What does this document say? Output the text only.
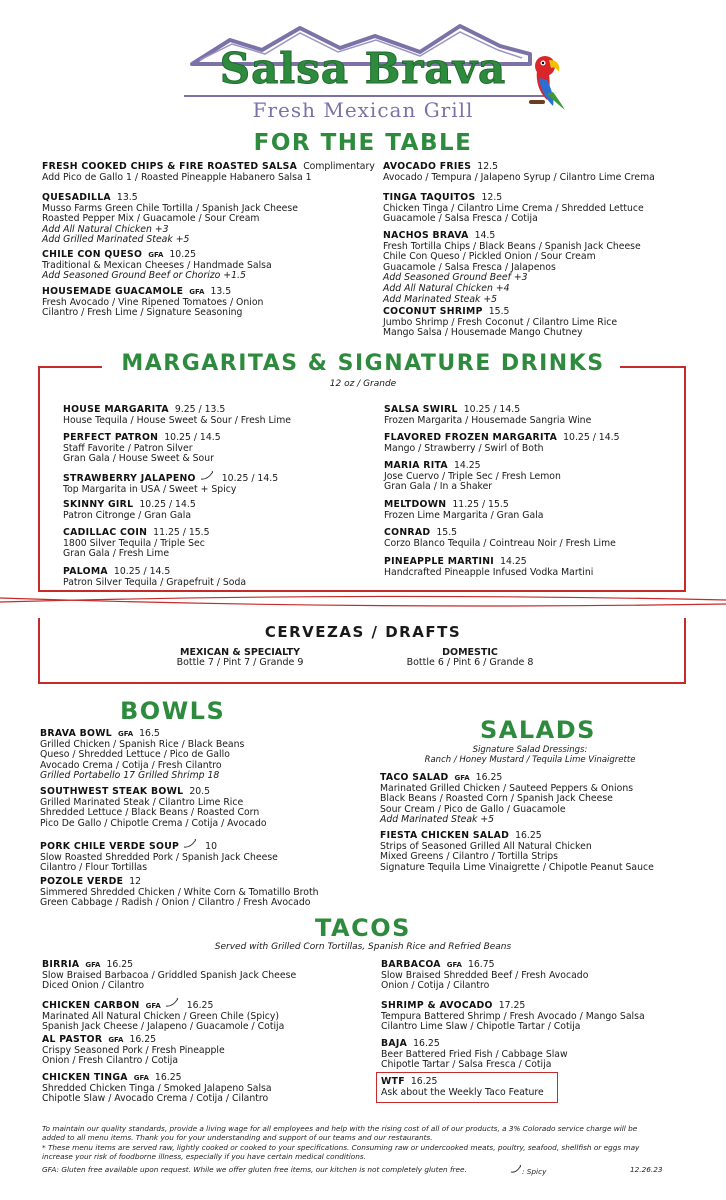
Salsa Brava
Fresh Mexican Grill
FOR THE TABLE
FRESH COOKED CHIPS & FIRE ROASTED SALSA Complimentary
Add Pico de Gallo 1 / Roasted Pineapple Habanero Salsa 1
QUESADILLA 13.5
Musso Farms Green Chile Tortilla / Spanish Jack Cheese
Roasted Pepper Mix / Guacamole / Sour Cream
Add All Natural Chicken +3
Add Grilled Marinated Steak +5
CHILE CON QUESO GFA 10.25
Traditional & Mexican Cheeses / Handmade Salsa
Add Seasoned Ground Beef or Chorizo +1.5
HOUSEMADE GUACAMOLE GFA 13.5
Fresh Avocado / Vine Ripened Tomatoes / Onion
Cilantro / Fresh Lime / Signature Seasoning
AVOCADO FRIES 12.5
Avocado / Tempura / Jalapeno Syrup / Cilantro Lime Crema
TINGA TAQUITOS 12.5
Chicken Tinga / Cilantro Lime Crema / Shredded Lettuce
Guacamole / Salsa Fresca / Cotija
NACHOS BRAVA 14.5
Fresh Tortilla Chips / Black Beans / Spanish Jack Cheese
Chile Con Queso / Pickled Onion / Sour Cream
Guacamole / Salsa Fresca / Jalapenos
Add Seasoned Ground Beef +3
Add All Natural Chicken +4
Add Marinated Steak +5
COCONUT SHRIMP 15.5
Jumbo Shrimp / Fresh Coconut / Cilantro Lime Rice
Mango Salsa / Housemade Mango Chutney
MARGARITAS & SIGNATURE DRINKS
12 oz / Grande
HOUSE MARGARITA 9.25 / 13.5
House Tequila / House Sweet & Sour / Fresh Lime
PERFECT PATRON 10.25 / 14.5
Staff Favorite / Patron Silver
Gran Gala / House Sweet & Sour
STRAWBERRY JALAPENO	10.25 / 14.5
Top Margarita in USA / Sweet + Spicy
SKINNY GIRL 10.25 / 14.5
Patron Citronge / Gran Gala
CADILLAC COIN 11.25 / 15.5
1800 Silver Tequila / Triple Sec
Gran Gala / Fresh Lime
PALOMA 10.25 / 14.5
Patron Silver Tequila / Grapefruit / Soda
SALSA SWIRL 10.25 / 14.5
Frozen Margarita / Housemade Sangria Wine
FLAVORED FROZEN MARGARITA 10.25 / 14.5
Mango / Strawberry / Swirl of Both
MARIA RITA 14.25
Jose Cuervo / Triple Sec / Fresh Lemon
Gran Gala / In a Shaker
MELTDOWN 11.25 / 15.5
Frozen Lime Margarita / Gran Gala
CONRAD 15.5
Corzo Blanco Tequila / Cointreau Noir / Fresh Lime
PINEAPPLE MARTINI 14.25
Handcrafted Pineapple Infused Vodka Martini
CERVEZAS / DRAFTS
MEXICAN & SPECIALTY
Bottle 7 / Pint 7 / Grande 9
DOMESTIC
Bottle 6 / Pint 6 / Grande 8
BOWLS
BRAVA BOWL GFA 16.5
Grilled Chicken / Spanish Rice / Black Beans
Queso / Shredded Lettuce / Pico de Gallo
Avocado Crema / Cotija / Fresh Cilantro
Grilled Portabello 17 Grilled Shrimp 18
SOUTHWEST STEAK BOWL 20.5
Grilled Marinated Steak / Cilantro Lime Rice
Shredded Lettuce / Black Beans / Roasted Corn
Pico De Gallo / Chipotle Crema / Cotija / Avocado
PORK CHILE VERDE SOUP	10
Slow Roasted Shredded Pork / Spanish Jack Cheese
Cilantro / Flour Tortillas
POZOLE VERDE 12
Simmered Shredded Chicken / White Corn & Tomatillo Broth
Green Cabbage / Radish / Onion / Cilantro / Fresh Avocado
SALADS
Signature Salad Dressings:
Ranch / Honey Mustard / Tequila Lime Vinaigrette
TACO SALAD GFA 16.25
Marinated Grilled Chicken / Sauteed Peppers & Onions
Black Beans / Roasted Corn / Spanish Jack Cheese
Sour Cream / Pico de Gallo / Guacamole
Add Marinated Steak +5
FIESTA CHICKEN SALAD 16.25
Strips of Seasoned Grilled All Natural Chicken
Mixed Greens / Cilantro / Tortilla Strips
Signature Tequila Lime Vinaigrette / Chipotle Peanut Sauce
TACOS
Served with Grilled Corn Tortillas, Spanish Rice and Refried Beans
BIRRIA GFA 16.25
Slow Braised Barbacoa / Griddled Spanish Jack Cheese
Diced Onion / Cilantro
CHICKEN CARBON GFA	16.25
Marinated All Natural Chicken / Green Chile (Spicy)
Spanish Jack Cheese / Jalapeno / Guacamole / Cotija
AL PASTOR GFA 16.25
Crispy Seasoned Pork / Fresh Pineapple
Onion / Fresh Cilantro / Cotija
CHICKEN TINGA GFA 16.25
Shredded Chicken Tinga / Smoked Jalapeno Salsa
Chipotle Slaw / Avocado Crema / Cotija / Cilantro
BARBACOA GFA 16.75
Slow Braised Shredded Beef / Fresh Avocado
Onion / Cotija / Cilantro
SHRIMP & AVOCADO 17.25
Tempura Battered Shrimp / Fresh Avocado / Mango Salsa
Cilantro Lime Slaw / Chipotle Tartar / Cotija
BAJA 16.25
Beer Battered Fried Fish / Cabbage Slaw
Chipotle Tartar / Salsa Fresca / Cotija
WTF 16.25
Ask about the Weekly Taco Feature
To maintain our quality standards, provide a living wage for all employees and help with the rising cost of all of our products, a 3% Colorado service charge will be
added to all menu items. Thank you for your understanding and support of our teams and our restaurants.
* These menu items are served raw, lightly cooked or cooked to your specifications. Consuming raw or undercooked meats, poultry, seafood, shellfish or eggs may
increase your risk of foodborne illness, especially if you have certain medical conditions.
GFA: Gluten free available upon request. While we offer gluten free items, our kitchen is not completely gluten free.	: Spicy	12.26.23
